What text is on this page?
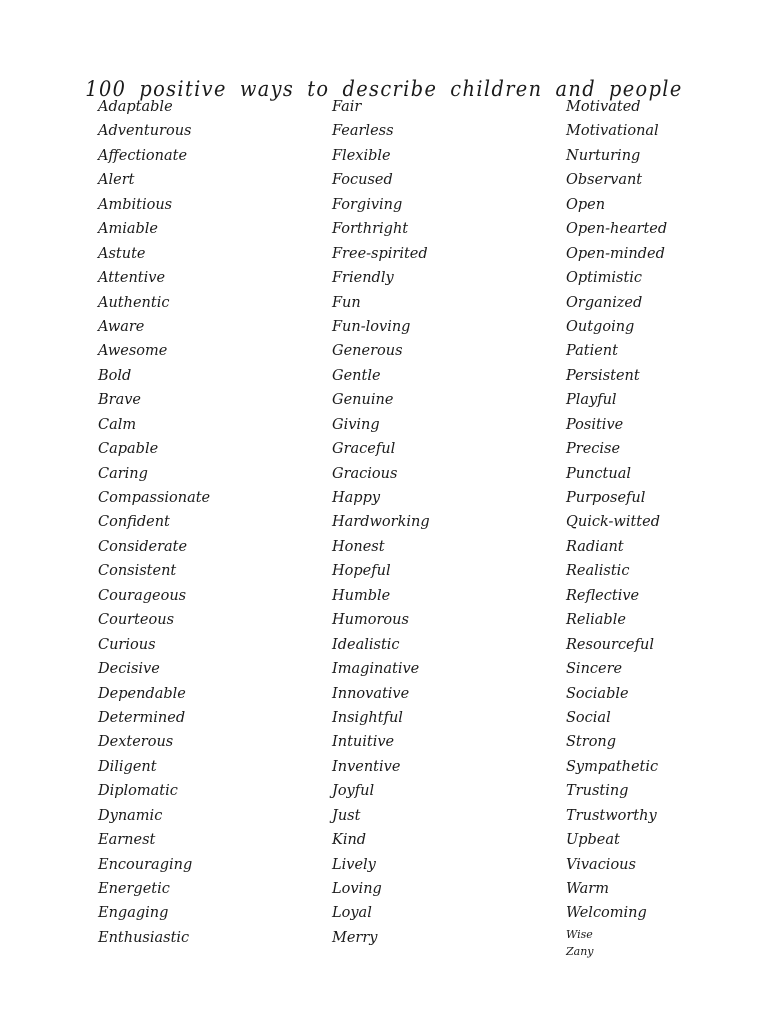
100 positive ways to describe children and people
Adaptable
Adventurous
Affectionate
Alert
Ambitious
Amiable
Astute
Attentive
Authentic
Aware
Awesome
Bold
Brave
Calm
Capable
Caring
Compassionate
Confident
Considerate
Consistent
Courageous
Courteous
Curious
Decisive
Dependable
Determined
Dexterous
Diligent
Diplomatic
Dynamic
Earnest
Encouraging
Energetic
Engaging
Enthusiastic
Fair
Fearless
Flexible
Focused
Forgiving
Forthright
Free-spirited
Friendly
Fun
Fun-loving
Generous
Gentle
Genuine
Giving
Graceful
Gracious
Happy
Hardworking
Honest
Hopeful
Humble
Humorous
Idealistic
Imaginative
Innovative
Insightful
Intuitive
Inventive
Joyful
Just
Kind
Lively
Loving
Loyal
Merry
Motivated
Motivational
Nurturing
Observant
Open
Open-hearted
Open-minded
Optimistic
Organized
Outgoing
Patient
Persistent
Playful
Positive
Precise
Punctual
Purposeful
Quick-witted
Radiant
Realistic
Reflective
Reliable
Resourceful
Sincere
Sociable
Social
Strong
Sympathetic
Trusting
Trustworthy
Upbeat
Vivacious
Warm
Welcoming
Wise
Zany
